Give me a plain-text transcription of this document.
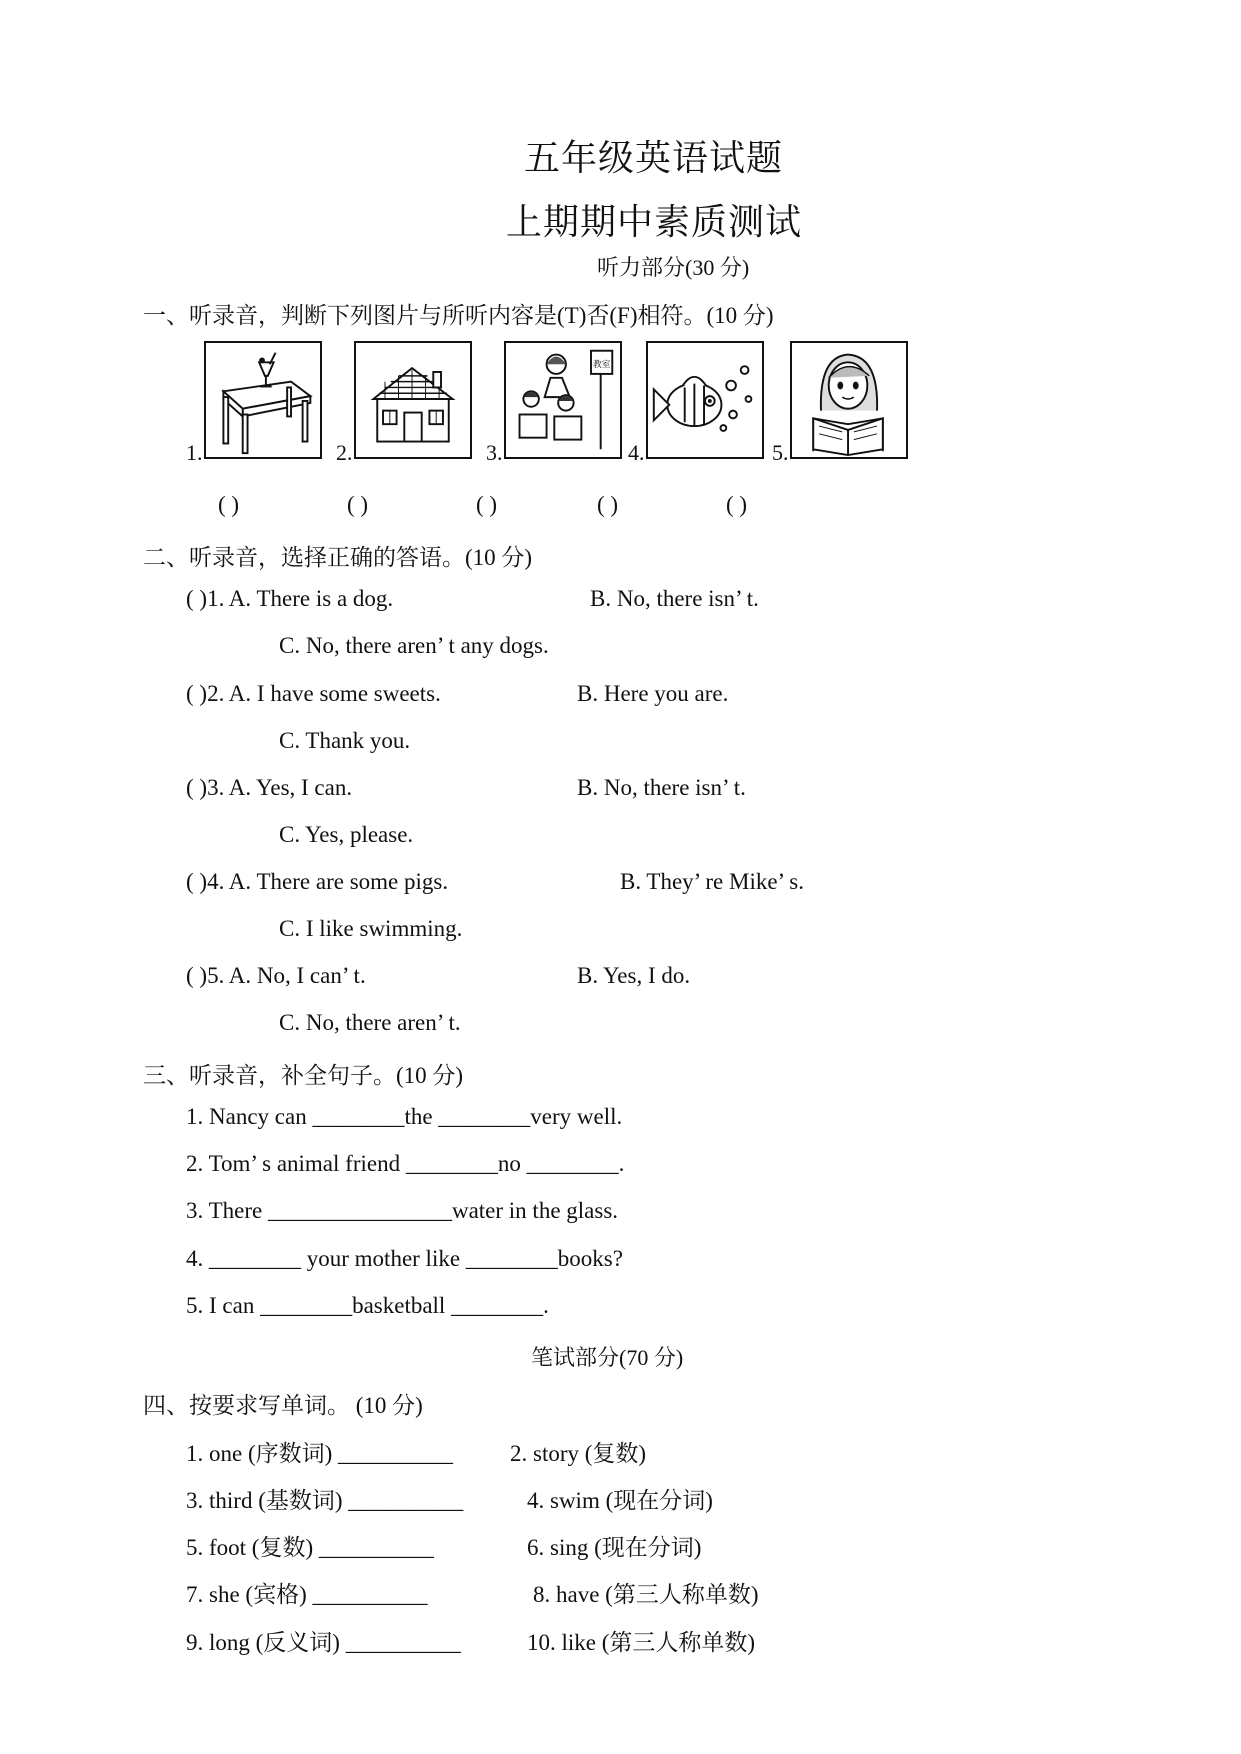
五年级英语试题
上期期中素质测试
听力部分(30 分)
一、听录音，判断下列图片与所听内容是(T)否(F)相符。(10 分)
1.	2.	3.
教室
4.	5.
( )	( )	( )	( )	( )
二、听录音，选择正确的答语。(10 分)
( )1. A. There is a dog.	B. No, there isn’ t.
C. No, there aren’ t any dogs.
( )2. A. I have some sweets.	B. Here you are.
C. Thank you.
( )3. A. Yes, I can.	B. No, there isn’ t.
C. Yes, please.
( )4. A. There are some pigs.	B. They’ re Mike’ s.
C. I like swimming.
( )5. A. No, I can’ t.	B. Yes, I do.
C. No, there aren’ t.
三、听录音，补全句子。(10 分)
1. Nancy can ________the ________very well.
2. Tom’ s animal friend ________no ________.
3. There ________________water in the glass.
4. ________ your mother like ________books?
5. I can ________basketball ________.
笔试部分(70 分)
四、按要求写单词。 (10 分)
1. one (序数词) __________ 2. story (复数)
3. third (基数词) __________	4. swim (现在分词)
5. foot (复数) __________	6. sing (现在分词)
7. she (宾格) __________	8. have (第三人称单数)
9. long (反义词) __________	10. like (第三人称单数)
